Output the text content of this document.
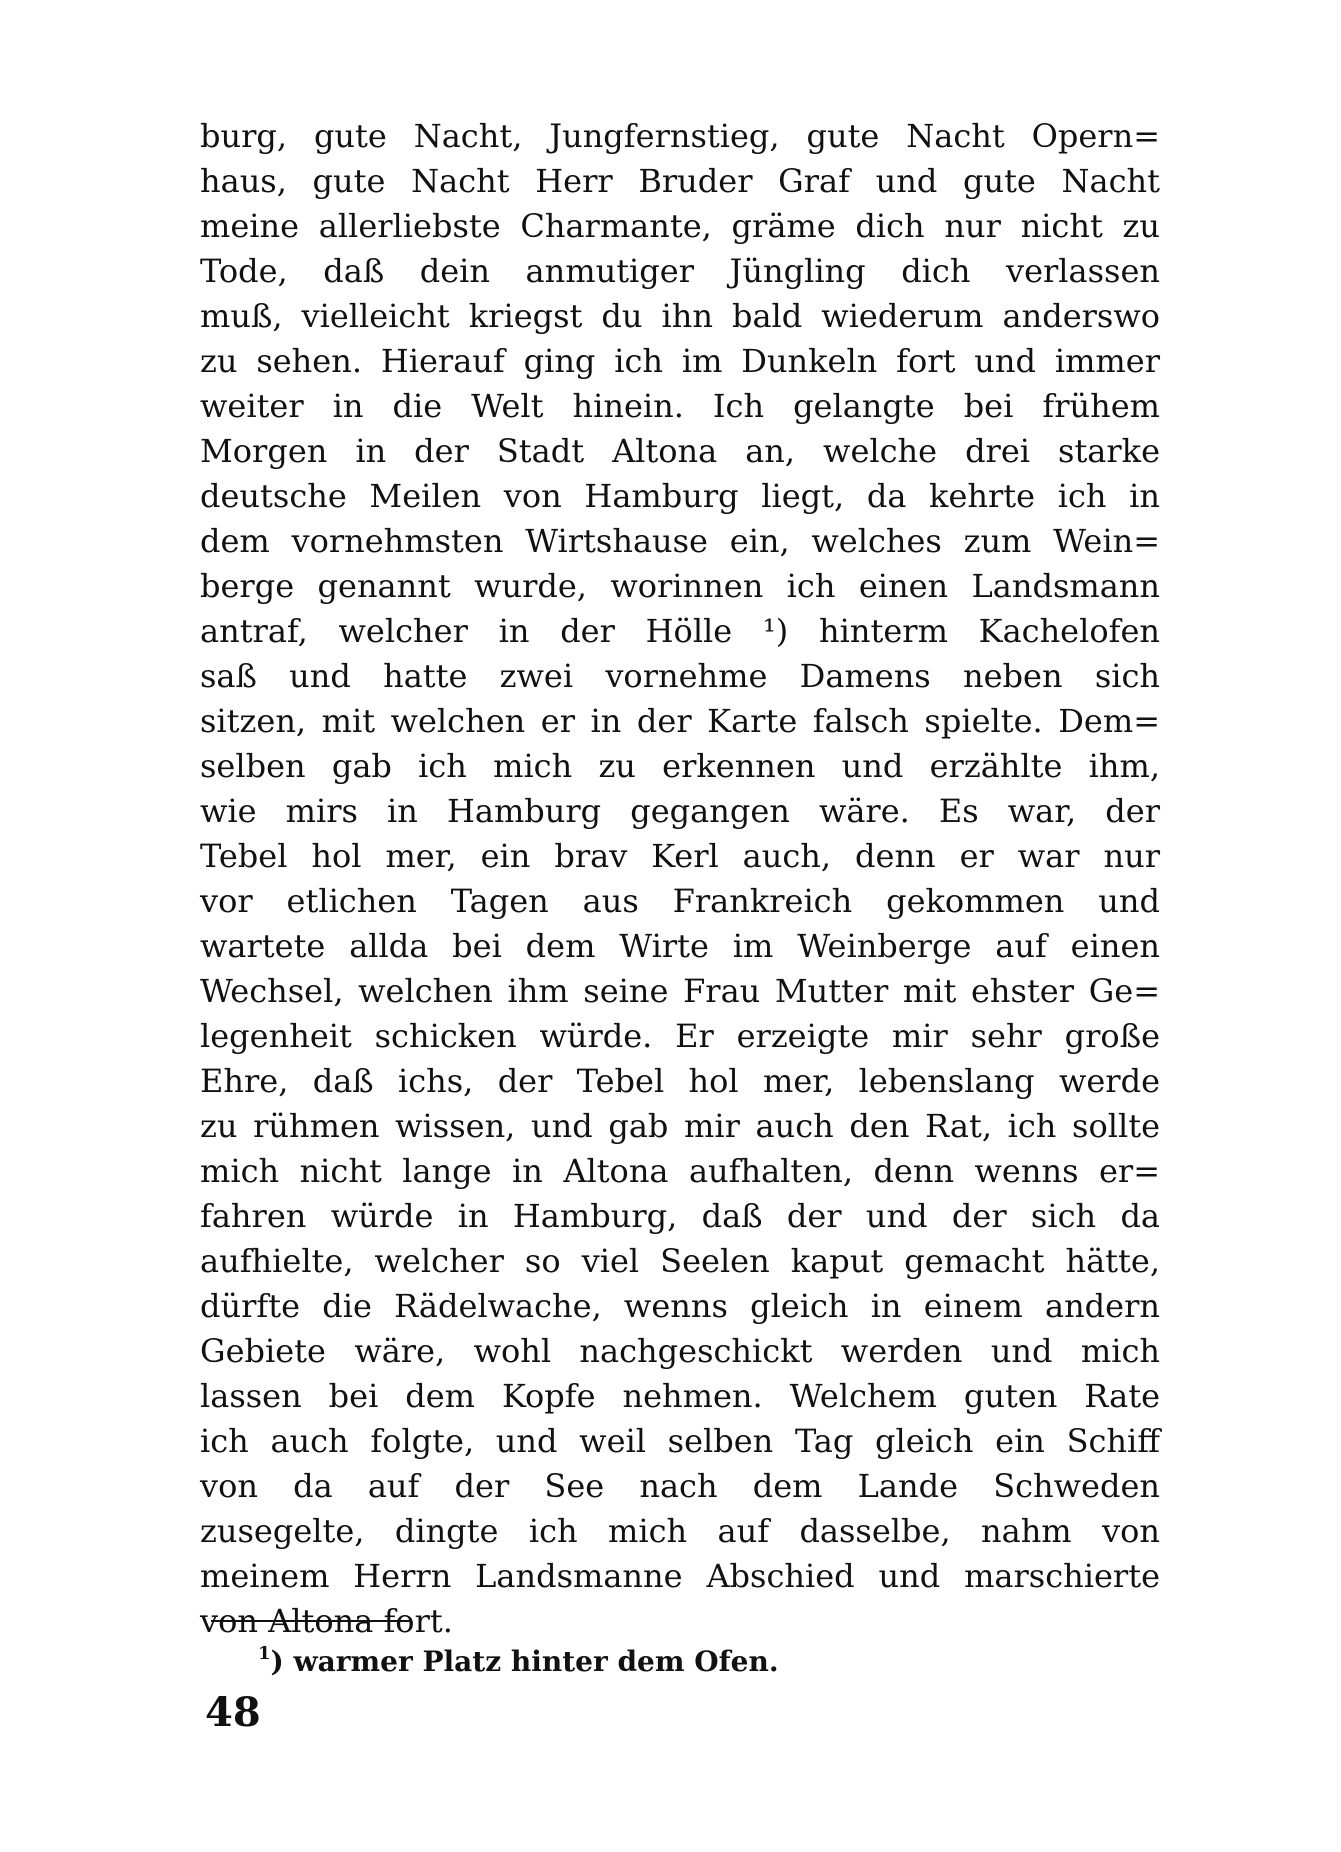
burg, gute Nacht, Jungfernstieg, gute Nacht Opern=
haus, gute Nacht Herr Bruder Graf und gute Nacht
meine allerliebste Charmante, gräme dich nur nicht zu
Tode, daß dein anmutiger Jüngling dich verlassen
muß, vielleicht kriegst du ihn bald wiederum anderswo
zu sehen. Hierauf ging ich im Dunkeln fort und immer
weiter in die Welt hinein. Ich gelangte bei frühem
Morgen in der Stadt Altona an, welche drei starke
deutsche Meilen von Hamburg liegt, da kehrte ich in
dem vornehmsten Wirtshause ein, welches zum Wein=
berge genannt wurde, worinnen ich einen Landsmann
antraf, welcher in der Hölle ¹) hinterm Kachelofen
saß und hatte zwei vornehme Damens neben sich
sitzen, mit welchen er in der Karte falsch spielte. Dem=
selben gab ich mich zu erkennen und erzählte ihm,
wie mirs in Hamburg gegangen wäre. Es war, der
Tebel hol mer, ein brav Kerl auch, denn er war nur
vor etlichen Tagen aus Frankreich gekommen und
wartete allda bei dem Wirte im Weinberge auf einen
Wechsel, welchen ihm seine Frau Mutter mit ehster Ge=
legenheit schicken würde. Er erzeigte mir sehr große
Ehre, daß ichs, der Tebel hol mer, lebenslang werde
zu rühmen wissen, und gab mir auch den Rat, ich sollte
mich nicht lange in Altona aufhalten, denn wenns er=
fahren würde in Hamburg, daß der und der sich da
aufhielte, welcher so viel Seelen kaput gemacht hätte,
dürfte die Rädelwache, wenns gleich in einem andern
Gebiete wäre, wohl nachgeschickt werden und mich
lassen bei dem Kopfe nehmen. Welchem guten Rate
ich auch folgte, und weil selben Tag gleich ein Schiff
von da auf der See nach dem Lande Schweden
zusegelte, dingte ich mich auf dasselbe, nahm von
meinem Herrn Landsmanne Abschied und marschierte
von Altona fort.
$^1$) warmer Platz hinter dem Ofen.
48
